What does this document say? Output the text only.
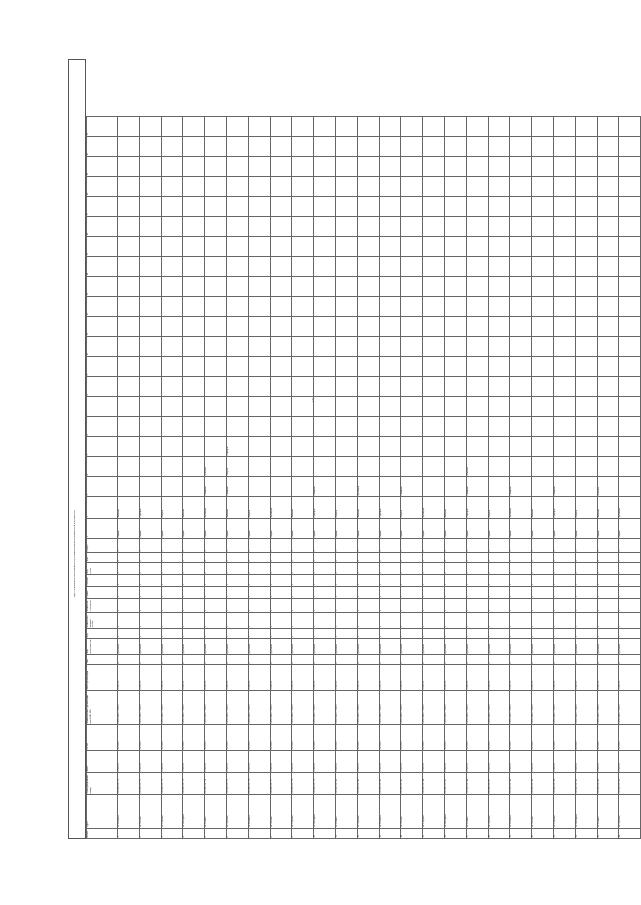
y
Адреса и реквизиты плательщиков и участников внешнеэкономической деятельности
№ п/п	Адрес	Регистрационный номер	ИНН	ОГРН	Наименование организации или ФИО ИП	ИНН организации	Тип	Вид деятельности	Код	Количество лицевых счетов	Количество объектов	Сумма	Остаток	Код учета	Дата	Статус	1	2	3	4	5	6	7	8	9	10	11	12	13	14	15	16	17	18	19	20	21
1	Ул. Полевая	01-002/ 92 770	0 000 00	00 0000	ООО «Вес» 7000 0	0 000 00	к	грузовой	1	1	1	1	1	0	0	0	Фирма	Иванова																			
2	Ул. Лесная	01-002/ 92 771	0 000 00	00 0000	ООО «Вес» 7000 0	0 000 00	к	грузовой	1	1	1	1	1	0	0	0	Фирма	Сидоров																			
3	Ул. Садовая	01-002/ 92 772	0 000 00	00 0000	ООО «Вес» 7000 0	0 000 00	к	грузовой	1	1	1	1	1	0	0	0	Фирма	Петров																			
4	Ул. Нагорная	01-002/ 92 773	0 000 00	00 0000	ООО «Вес» 7000 0	0 000 00	к	грузовой	1	1	1	1	1	0	0	0	Фирма	Иванова																			
5	Ул. Речная	01-002/ 92 774	0 000 00	00 0000	ООО «Вес» 7000 0	0 000 00	к	грузовой	1	1	1	1	1	0	0	0	Фирма	Кузнецов	Смирнов	Ковалёв																	
6	Ул. Луговая	01-002/ 92 775	0 000 00	00 0000	ООО «Вес» 7000 0	0 000 00	к	грузовой	1	1	1	1	1	0	0	0	Фирма	Иванова	Смирнов	Петров	Сидоров																
7	Ул. Полевая	01-002/ 92 776	0 000 00	00 0000	ООО «Вес» 7000 0	0 000 00	к	грузовой	1	1	1	1	1	0	0	0	Фирма	Петров																			
8	Ул. Лесная	01-002/ 92 777	0 000 00	00 0000	ООО «Вес» 7000 0	0 000 00	к	грузовой	1	1	1	1	1	0	0	0	Фирма	Кузнецов																			
9	Ул. Садовая	01-002/ 92 778	0 000 00	00 0000	ООО «Вес» 7000 0	0 000 00	к	грузовой	1	1	1	1	1	0	0	0	Фирма	Иванова																			
10	Ул. Нагорная	01-002/ 92 779	0 000 00	00 0000	ООО «Вес» 7000 0	0 000 00	к	грузовой	1	1	1	1	1	0	0	0	Фирма	Сидоров	Смирнов																		
11	Ул. Речная	01-002/ 92 780	0 000 00	00 0000	ООО «Вес» 7000 0	0 000 00	к	грузовой	1	1	1	1	1	0	0	0	Фирма	Петров																			
12	Ул. Луговая	01-002/ 92 781	0 000 00	00 0000	ООО «Вес» 7000 0	0 000 00	к	грузовой	1	1	1	1	1	0	0	0	Фирма	Иванова	Кузнецов																		
13	Ул. Полевая	01-002/ 92 782	0 000 00	00 0000	ООО «Вес» 7000 0	0 000 00	к	грузовой	1	1	1	1	1	0	0	0	Фирма	Сидоров																			
14	Ул. Лесная	01-002/ 92 783	0 000 00	00 0000	ООО «Вес» 7000 0	0 000 00	к	грузовой	1	1	1	1	1	0	0	0	Фирма	Петров	Смирнов																		
15	Ул. Садовая	01-002/ 92 784	0 000 00	00 0000	ООО «Вес» 7000 0	0 000 00	к	грузовой	1	1	1	1	1	0	0	0	Фирма	Кузнецов																			
16	Ул. Нагорная	01-002/ 92 785	0 000 00	00 0000	ООО «Вес» 7000 0	0 000 00	к	грузовой	1	1	1	1	1	0	0	0	Фирма	Иванова																			
17	Ул. Речная	01-002/ 92 786	0 000 00	00 0000	ООО «Вес» 7000 0	0 000 00	к	грузовой	1	1	1	1	1	0	0	0	Фирма	Сидоров	Смирнов	Ковалёв																	
18	Ул. Луговая	01-002/ 92 787	0 000 00	00 0000	ООО «Вес» 7000 0	0 000 00	к	грузовой	1	1	1	1	1	0	0	0	Фирма	Петров																			
19	Ул. Полевая	01-002/ 92 788	0 000 00	00 0000	ООО «Вес» 7000 0	0 000 00	к	грузовой	1	1	1	1	1	0	0	0	Фирма	Кузнецов	Смирнов																		
20	Ул. Лесная	01-002/ 92 789	0 000 00	00 0000	ООО «Вес» 7000 0	0 000 00	к	грузовой	1	1	1	1	1	0	0	0	Фирма	Иванова																			
21	Ул. Садовая	01-002/ 92 790	0 000 00	00 0000	ООО «Вес» 7000 0	0 000 00	к	грузовой	1	1	1	1	1	0	0	0	Фирма	Сидоров	Смирнов																		
22	Ул. Нагорная	01-002/ 92 791	0 000 00	00 0000	ООО «Вес» 7000 0	0 000 00	к	грузовой	1	1	1	1	1	0	0	0	Фирма	Петров																			
23	Ул. Речная	01-002/ 92 792	0 000 00	00 0000	ООО «Вес» 7000 0	0 000 00	к	грузовой	1	1	1	1	1	0	0	0	Фирма	Иванова	Ковалёв																		
24	Ул. Луговая	01-002/ 92 793	0 000 00	00 0000	ООО «Вес» 7000 0	0 000 00	к	грузовой	1	1	1	1	1	0	0	0	Фирма	Кузнецов																			
